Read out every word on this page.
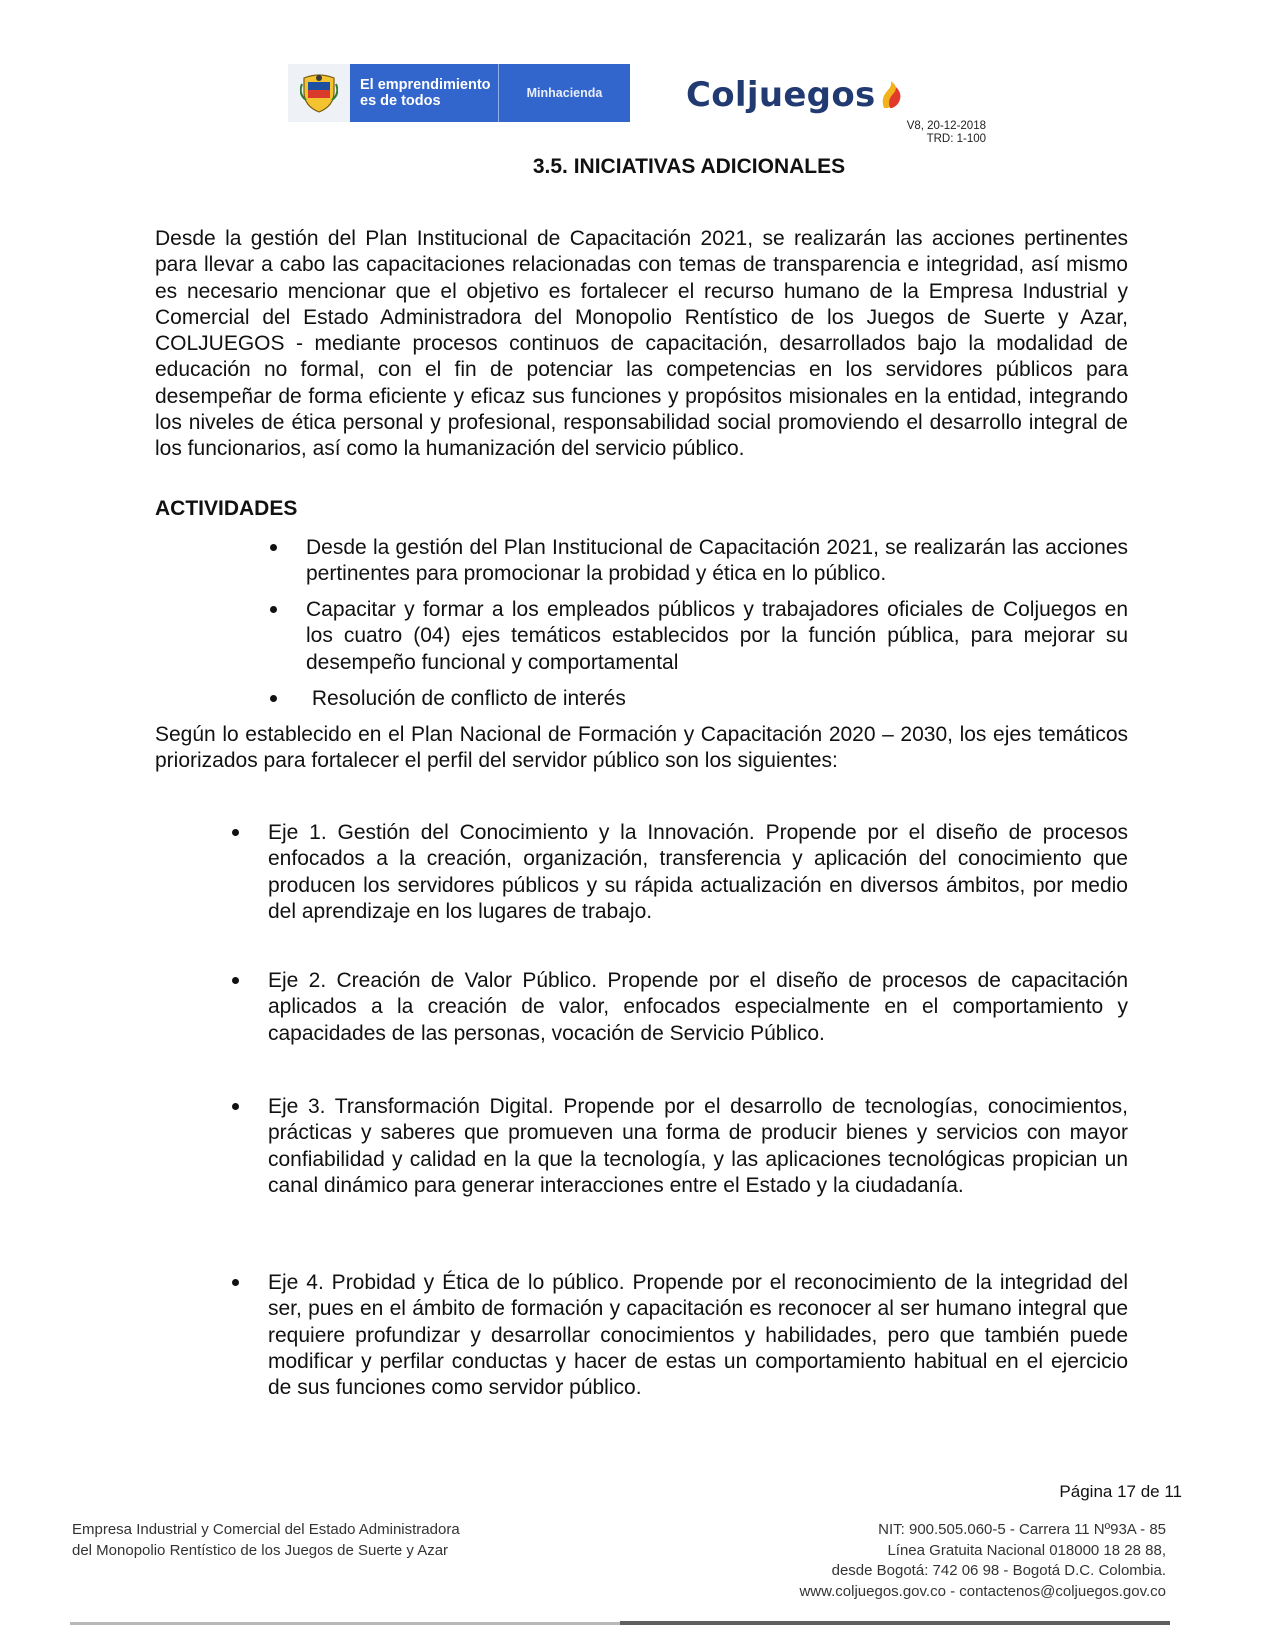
El emprendimiento es de todos	Minhacienda	Coljuegos
V8, 20-12-2018
TRD: 1-100
3.5. INICIATIVAS ADICIONALES

Desde la gestión del Plan Institucional de Capacitación 2021, se realizarán las acciones pertinentes para llevar a cabo las capacitaciones relacionadas con temas de transparencia e integridad, así mismo es necesario mencionar que el objetivo es fortalecer el recurso humano de la Empresa Industrial y Comercial del Estado Administradora del Monopolio Rentístico de los Juegos de Suerte y Azar, COLJUEGOS - mediante procesos continuos de capacitación, desarrollados bajo la modalidad de educación no formal, con el fin de potenciar las competencias en los servidores públicos para desempeñar de forma eficiente y eficaz sus funciones y propósitos misionales en la entidad, integrando los niveles de ética personal y profesional, responsabilidad social promoviendo el desarrollo integral de los funcionarios, así como la humanización del servicio público.

ACTIVIDADES

Desde la gestión del Plan Institucional de Capacitación 2021, se realizarán las acciones pertinentes para promocionar la probidad y ética en lo público.

Capacitar y formar a los empleados públicos y trabajadores oficiales de Coljuegos en los cuatro (04) ejes temáticos establecidos por la función pública, para mejorar su desempeño funcional y comportamental

Resolución de conflicto de interés

Según lo establecido en el Plan Nacional de Formación y Capacitación 2020 – 2030, los ejes temáticos priorizados para fortalecer el perfil del servidor público son los siguientes:

Eje 1. Gestión del Conocimiento y la Innovación. Propende por el diseño de procesos enfocados a la creación, organización, transferencia y aplicación del conocimiento que producen los servidores públicos y su rápida actualización en diversos ámbitos, por medio del aprendizaje en los lugares de trabajo.

Eje 2. Creación de Valor Público. Propende por el diseño de procesos de capacitación aplicados a la creación de valor, enfocados especialmente en el comportamiento y capacidades de las personas, vocación de Servicio Público.

Eje 3. Transformación Digital. Propende por el desarrollo de tecnologías, conocimientos, prácticas y saberes que promueven una forma de producir bienes y servicios con mayor confiabilidad y calidad en la que la tecnología, y las aplicaciones tecnológicas propician un canal dinámico para generar interacciones entre el Estado y la ciudadanía.

Eje 4. Probidad y Ética de lo público. Propende por el reconocimiento de la integridad del ser, pues en el ámbito de formación y capacitación es reconocer al ser humano integral que requiere profundizar y desarrollar conocimientos y habilidades, pero que también puede modificar y perfilar conductas y hacer de estas un comportamiento habitual en el ejercicio de sus funciones como servidor público.

Página 17 de 11
Empresa Industrial y Comercial del Estado Administradora
del Monopolio Rentístico de los Juegos de Suerte y Azar
NIT: 900.505.060-5 - Carrera 11 Nº93A - 85
Línea Gratuita Nacional 018000 18 28 88,
desde Bogotá: 742 06 98 - Bogotá D.C. Colombia.
www.coljuegos.gov.co - contactenos@coljuegos.gov.co
